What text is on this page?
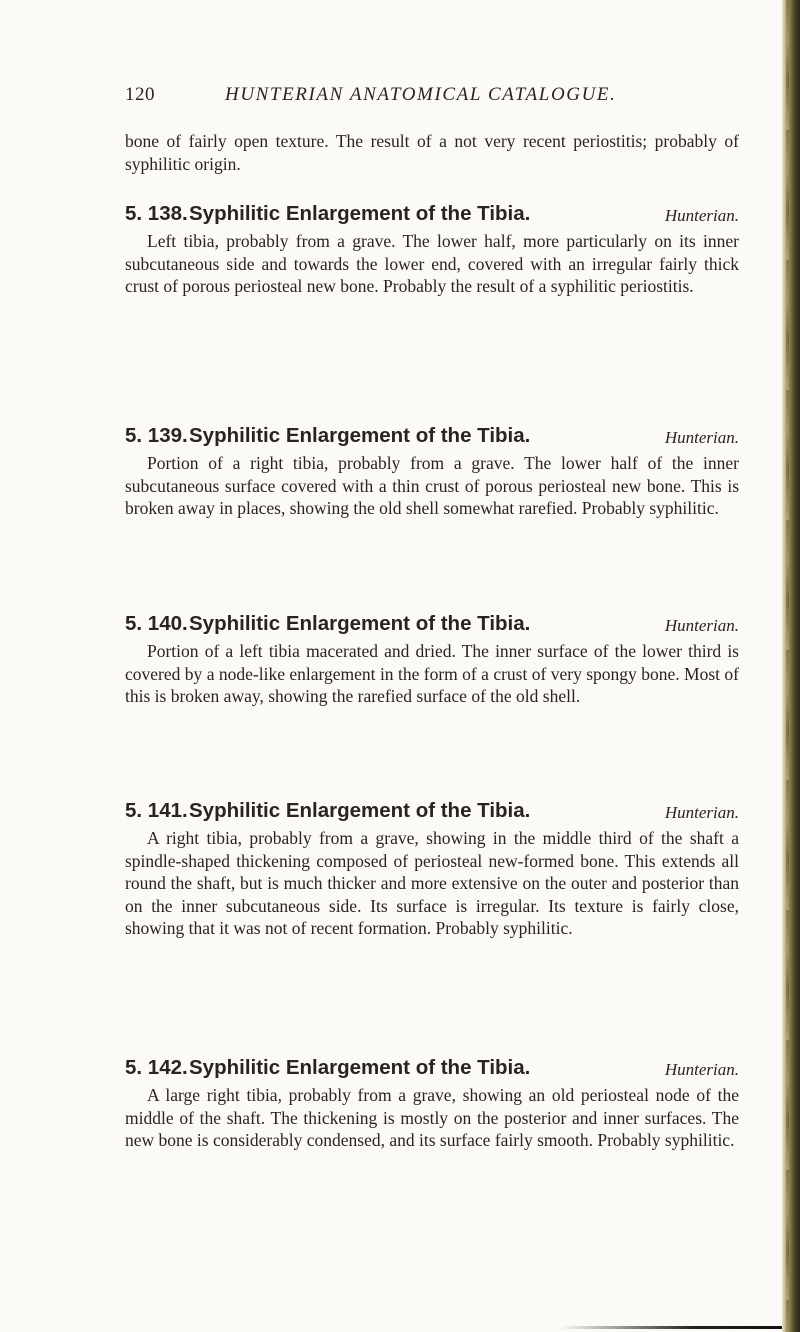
120	HUNTERIAN ANATOMICAL CATALOGUE.

bone of fairly open texture. The result of a not very recent periostitis; probably of syphilitic origin.

5. 138. Syphilitic Enlargement of the Tibia.	Hunterian.

Left tibia, probably from a grave. The lower half, more particularly on its inner subcutaneous side and towards the lower end, covered with an irregular fairly thick crust of porous periosteal new bone. Probably the result of a syphilitic periostitis.

5. 139. Syphilitic Enlargement of the Tibia.	Hunterian.

Portion of a right tibia, probably from a grave. The lower half of the inner subcutaneous surface covered with a thin crust of porous periosteal new bone. This is broken away in places, showing the old shell somewhat rarefied. Probably syphilitic.

5. 140. Syphilitic Enlargement of the Tibia.	Hunterian.

Portion of a left tibia macerated and dried. The inner surface of the lower third is covered by a node-like enlargement in the form of a crust of very spongy bone. Most of this is broken away, showing the rarefied surface of the old shell.

5. 141. Syphilitic Enlargement of the Tibia.	Hunterian.

A right tibia, probably from a grave, showing in the middle third of the shaft a spindle-shaped thickening composed of periosteal new-formed bone. This extends all round the shaft, but is much thicker and more extensive on the outer and posterior than on the inner subcutaneous side. Its surface is irregular. Its texture is fairly close, showing that it was not of recent formation. Probably syphilitic.

5. 142. Syphilitic Enlargement of the Tibia.	Hunterian.

A large right tibia, probably from a grave, showing an old periosteal node of the middle of the shaft. The thickening is mostly on the posterior and inner surfaces. The new bone is considerably condensed, and its surface fairly smooth. Probably syphilitic.
